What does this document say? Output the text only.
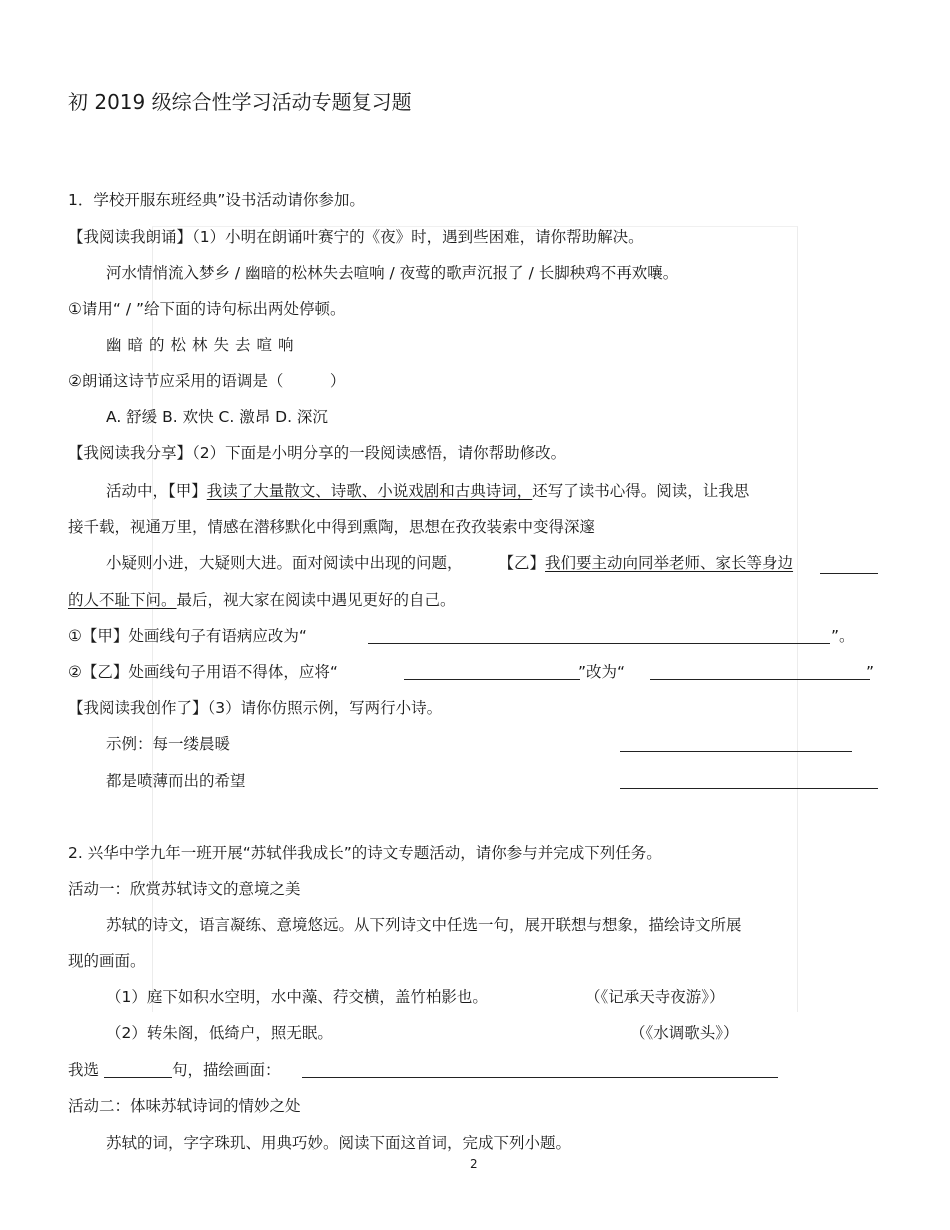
初 2019 级综合性学习活动专题复习题
1．学校开服东班经典”设书活动请你参加。
【我阅读我朗诵】（1）小明在朗诵叶赛宁的《夜》时，遇到些困难，请你帮助解决。
河水情悄流入梦乡 / 幽暗的松林失去喧响 / 夜莺的歌声沉报了 / 长脚秧鸡不再欢嚷。
①请用“ / ”给下面的诗句标出两处停顿。
幽暗的松林失去喧响
②朗诵这诗节应采用的语调是（　　　）
A. 舒缓 B. 欢快 C. 激昂 D. 深沉
【我阅读我分享】（2）下面是小明分享的一段阅读感悟，请你帮助修改。
活动中，【甲】我读了大量散文、诗歌、小说戏剧和古典诗词，还写了读书心得。阅读，让我思
接千载，视通万里，情感在潜移默化中得到熏陶，思想在孜孜装索中变得深邃
小疑则小进，大疑则大进。面对阅读中出现的问题， 【乙】我们要主动向同举老师、家长等身边
的人不耻下问。最后，视大家在阅读中遇见更好的自己。
①【甲】处画线句子有语病应改为“	”。
②【乙】处画线句子用语不得体，应将“	”改为“	”
【我阅读我创作了】（3）请你仿照示例，写两行小诗。
示例：每一缕晨暖
都是喷薄而出的希望
2. 兴华中学九年一班开展“苏轼伴我成长”的诗文专题活动，请你参与并完成下列任务。
活动一：欣赏苏轼诗文的意境之美
苏轼的诗文，语言凝练、意境悠远。从下列诗文中任选一句，展开联想与想象，描绘诗文所展
现的画面。
（1）庭下如积水空明，水中藻、荇交横，盖竹柏影也。	（《记承天寺夜游》）
（2）转朱阁，低绮户，照无眠。	（《水调歌头》）
我选	句，描绘画面：
活动二：体味苏轼诗词的情妙之处
苏轼的词，字字珠玑、用典巧妙。阅读下面这首词，完成下列小题。
2
